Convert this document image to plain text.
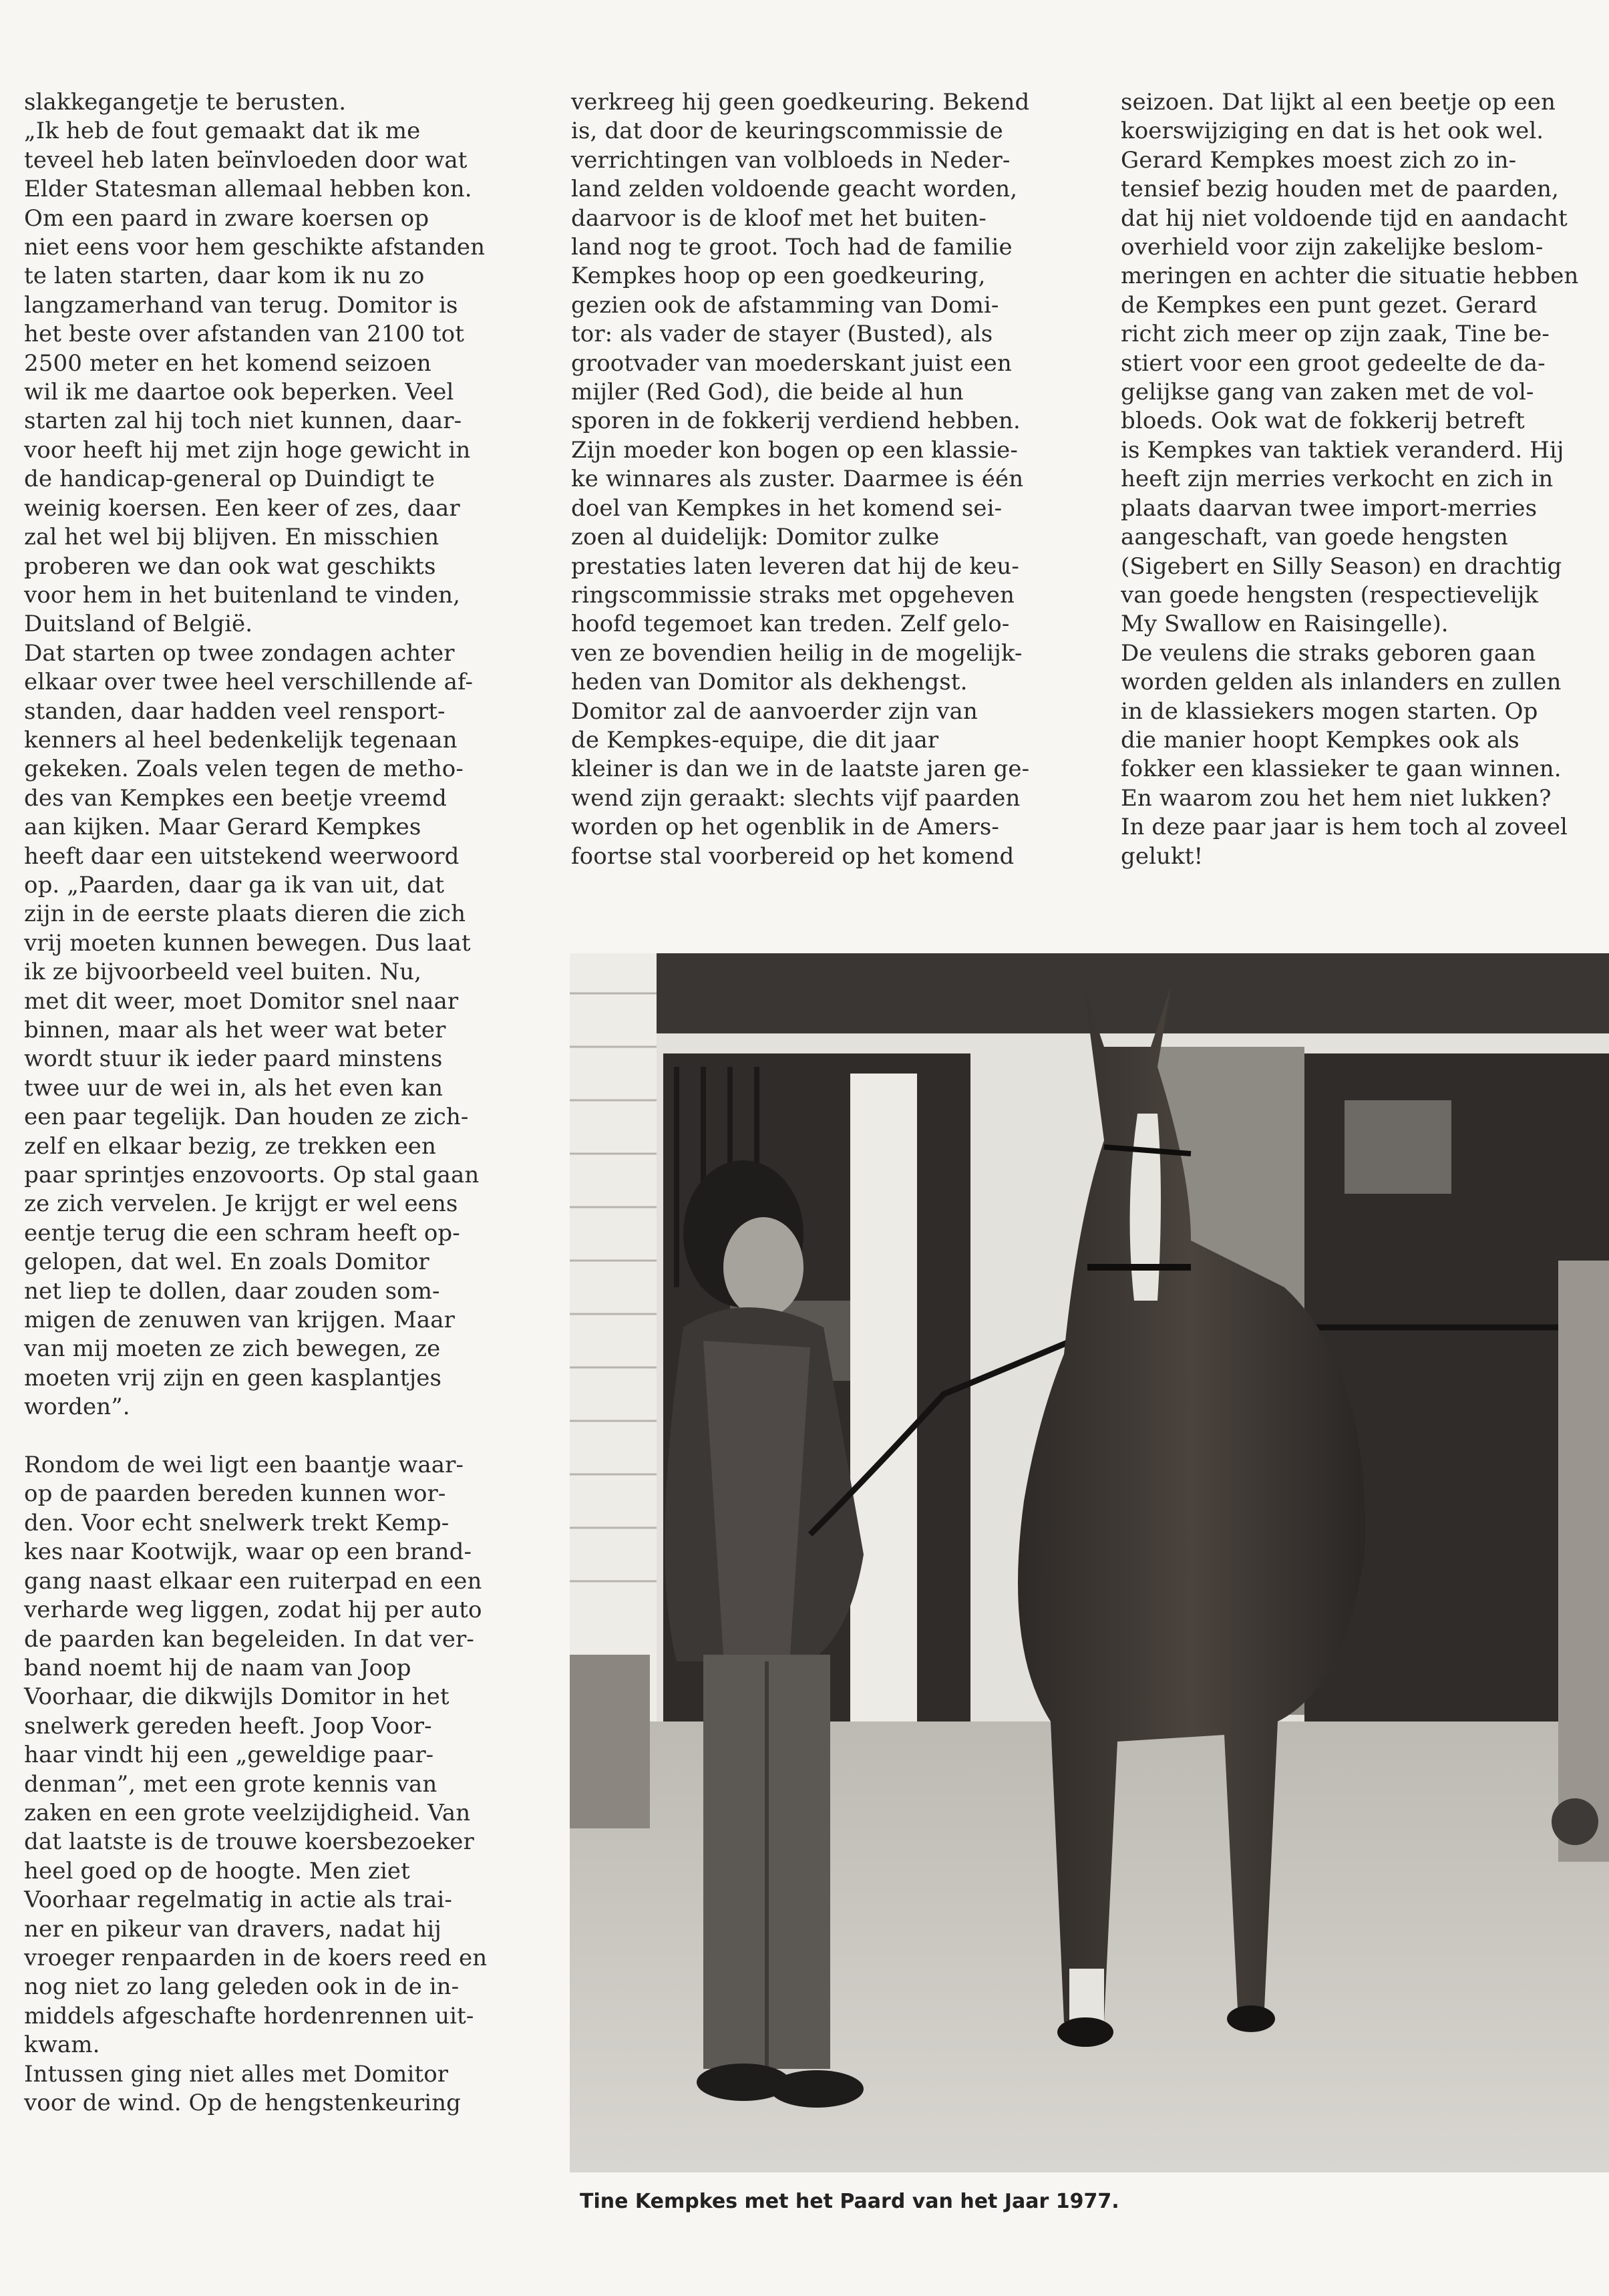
slakkegangetje te berusten.
„Ik heb de fout gemaakt dat ik me
teveel heb laten beïnvloeden door wat
Elder Statesman allemaal hebben kon.
Om een paard in zware koersen op
niet eens voor hem geschikte afstanden
te laten starten, daar kom ik nu zo
langzamerhand van terug. Domitor is
het beste over afstanden van 2100 tot
2500 meter en het komend seizoen
wil ik me daartoe ook beperken. Veel
starten zal hij toch niet kunnen, daar-
voor heeft hij met zijn hoge gewicht in
de handicap-general op Duindigt te
weinig koersen. Een keer of zes, daar
zal het wel bij blijven. En misschien
proberen we dan ook wat geschikts
voor hem in het buitenland te vinden,
Duitsland of België.
Dat starten op twee zondagen achter
elkaar over twee heel verschillende af-
standen, daar hadden veel rensport-
kenners al heel bedenkelijk tegenaan
gekeken. Zoals velen tegen de metho-
des van Kempkes een beetje vreemd
aan kijken. Maar Gerard Kempkes
heeft daar een uitstekend weerwoord
op. „Paarden, daar ga ik van uit, dat
zijn in de eerste plaats dieren die zich
vrij moeten kunnen bewegen. Dus laat
ik ze bijvoorbeeld veel buiten. Nu,
met dit weer, moet Domitor snel naar
binnen, maar als het weer wat beter
wordt stuur ik ieder paard minstens
twee uur de wei in, als het even kan
een paar tegelijk. Dan houden ze zich-
zelf en elkaar bezig, ze trekken een
paar sprintjes enzovoorts. Op stal gaan
ze zich vervelen. Je krijgt er wel eens
eentje terug die een schram heeft op-
gelopen, dat wel. En zoals Domitor
net liep te dollen, daar zouden som-
migen de zenuwen van krijgen. Maar
van mij moeten ze zich bewegen, ze
moeten vrij zijn en geen kasplantjes
worden”.
Rondom de wei ligt een baantje waar-
op de paarden bereden kunnen wor-
den. Voor echt snelwerk trekt Kemp-
kes naar Kootwijk, waar op een brand-
gang naast elkaar een ruiterpad en een
verharde weg liggen, zodat hij per auto
de paarden kan begeleiden. In dat ver-
band noemt hij de naam van Joop
Voorhaar, die dikwijls Domitor in het
snelwerk gereden heeft. Joop Voor-
haar vindt hij een „geweldige paar-
denman”, met een grote kennis van
zaken en een grote veelzijdigheid. Van
dat laatste is de trouwe koersbezoeker
heel goed op de hoogte. Men ziet
Voorhaar regelmatig in actie als trai-
ner en pikeur van dravers, nadat hij
vroeger renpaarden in de koers reed en
nog niet zo lang geleden ook in de in-
middels afgeschafte hordenrennen uit-
kwam.
Intussen ging niet alles met Domitor
voor de wind. Op de hengstenkeuring
verkreeg hij geen goedkeuring. Bekend
is, dat door de keuringscommissie de
verrichtingen van volbloeds in Neder-
land zelden voldoende geacht worden,
daarvoor is de kloof met het buiten-
land nog te groot. Toch had de familie
Kempkes hoop op een goedkeuring,
gezien ook de afstamming van Domi-
tor: als vader de stayer (Busted), als
grootvader van moederskant juist een
mijler (Red God), die beide al hun
sporen in de fokkerij verdiend hebben.
Zijn moeder kon bogen op een klassie-
ke winnares als zuster. Daarmee is één
doel van Kempkes in het komend sei-
zoen al duidelijk: Domitor zulke
prestaties laten leveren dat hij de keu-
ringscommissie straks met opgeheven
hoofd tegemoet kan treden. Zelf gelo-
ven ze bovendien heilig in de mogelijk-
heden van Domitor als dekhengst.
Domitor zal de aanvoerder zijn van
de Kempkes-equipe, die dit jaar
kleiner is dan we in de laatste jaren ge-
wend zijn geraakt: slechts vijf paarden
worden op het ogenblik in de Amers-
foortse stal voorbereid op het komend
seizoen. Dat lijkt al een beetje op een
koerswijziging en dat is het ook wel.
Gerard Kempkes moest zich zo in-
tensief bezig houden met de paarden,
dat hij niet voldoende tijd en aandacht
overhield voor zijn zakelijke beslom-
meringen en achter die situatie hebben
de Kempkes een punt gezet. Gerard
richt zich meer op zijn zaak, Tine be-
stiert voor een groot gedeelte de da-
gelijkse gang van zaken met de vol-
bloeds. Ook wat de fokkerij betreft
is Kempkes van taktiek veranderd. Hij
heeft zijn merries verkocht en zich in
plaats daarvan twee import-merries
aangeschaft, van goede hengsten
(Sigebert en Silly Season) en drachtig
van goede hengsten (respectievelijk
My Swallow en Raisingelle).
De veulens die straks geboren gaan
worden gelden als inlanders en zullen
in de klassiekers mogen starten. Op
die manier hoopt Kempkes ook als
fokker een klassieker te gaan winnen.
En waarom zou het hem niet lukken?
In deze paar jaar is hem toch al zoveel
gelukt!
Tine Kempkes met het Paard van het Jaar 1977.
